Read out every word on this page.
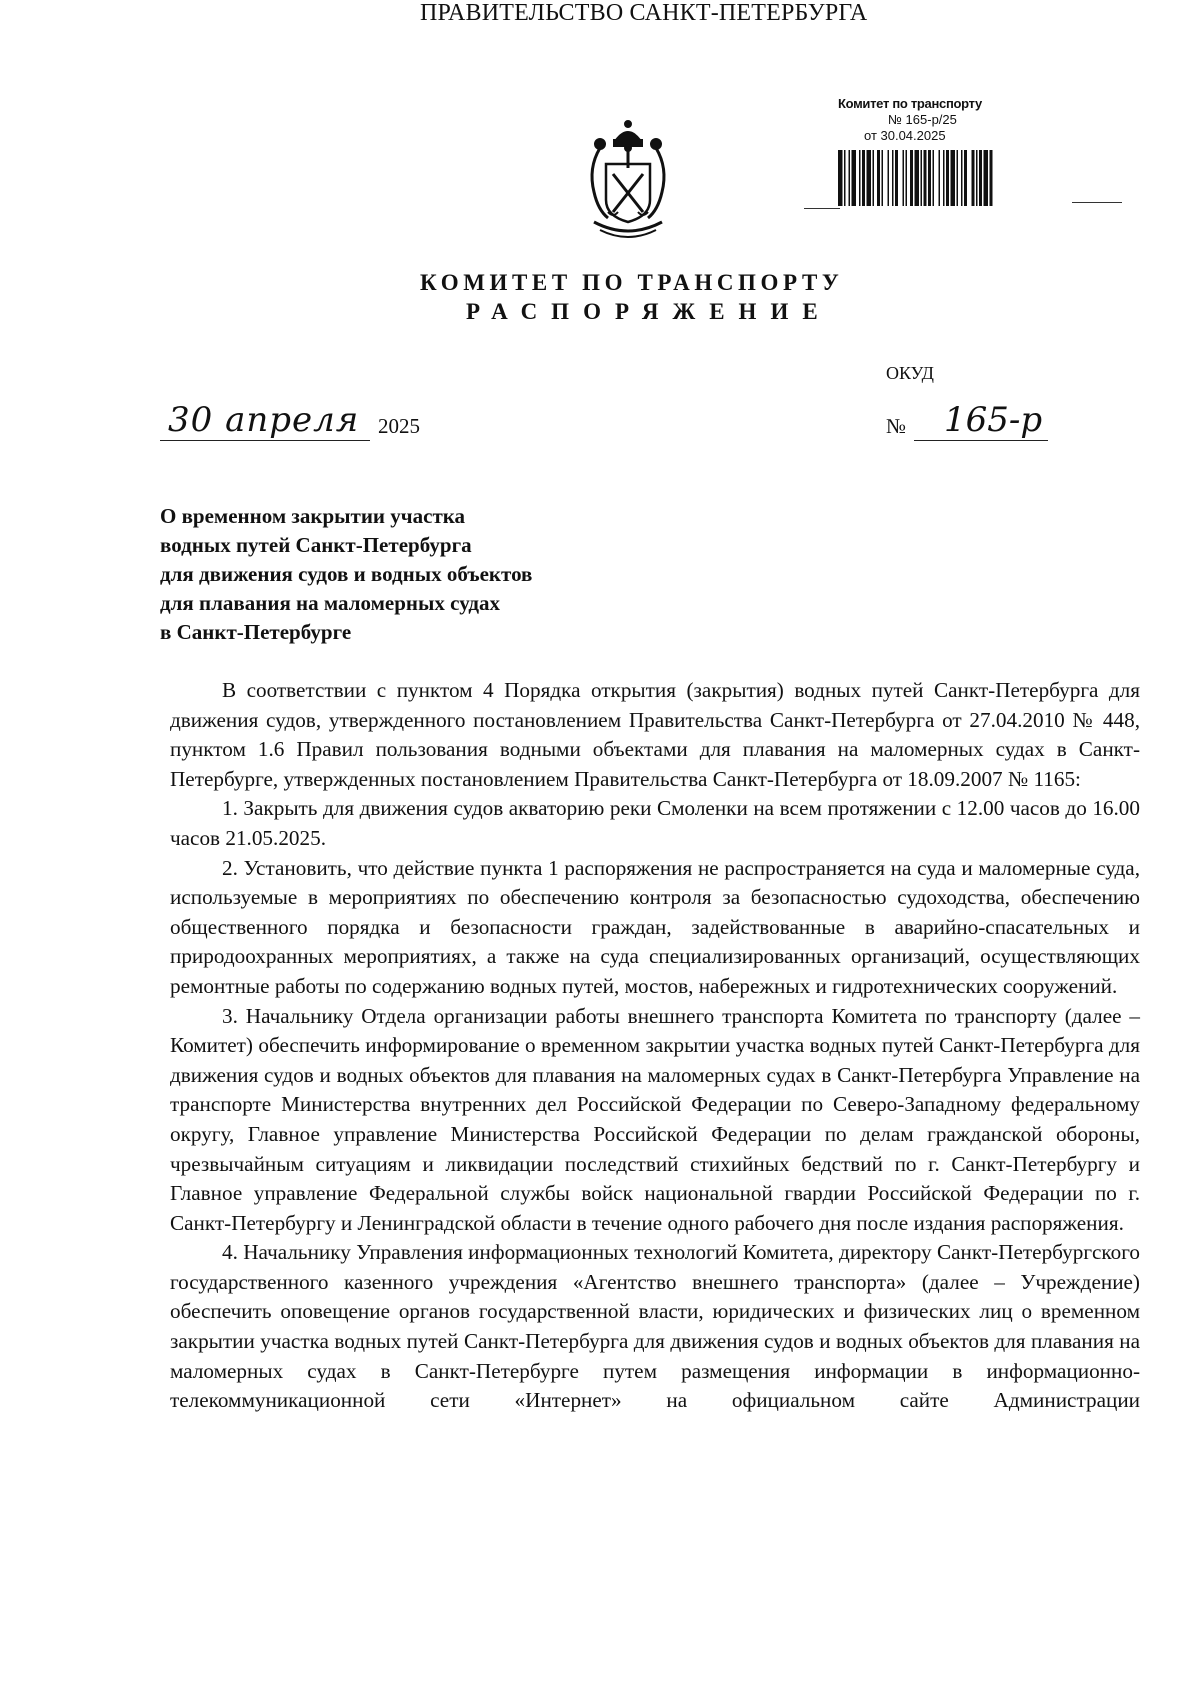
Комитет по транспорту
№ 165-р/25
от 30.04.2025
ПРАВИТЕЛЬСТВО САНКТ-ПЕТЕРБУРГА
КОМИТЕТ ПО ТРАНСПОРТУ
РАСПОРЯЖЕНИЕ
ОКУД
30 апреля 2025	№ 165-р
О временном закрытии участка
водных путей Санкт-Петербурга
для движения судов и водных объектов
для плавания на маломерных судах
в Санкт-Петербурге

В соответствии с пунктом 4 Порядка открытия (закрытия) водных путей Санкт-Петербурга для движения судов, утвержденного постановлением Правительства Санкт-Петербурга от 27.04.2010 № 448, пунктом 1.6 Правил пользования водными объектами для плавания на маломерных судах в Санкт-Петербурге, утвержденных постановлением Правительства Санкт-Петербурга от 18.09.2007 № 1165:

1. Закрыть для движения судов акваторию реки Смоленки на всем протяжении с 12.00 часов до 16.00 часов 21.05.2025.

2. Установить, что действие пункта 1 распоряжения не распространяется на суда и маломерные суда, используемые в мероприятиях по обеспечению контроля за безопасностью судоходства, обеспечению общественного порядка и безопасности граждан, задействованные в аварийно-спасательных и природоохранных мероприятиях, а также на суда специализированных организаций, осуществляющих ремонтные работы по содержанию водных путей, мостов, набережных и гидротехнических сооружений.

3. Начальнику Отдела организации работы внешнего транспорта Комитета по транспорту (далее – Комитет) обеспечить информирование о временном закрытии участка водных путей Санкт-Петербурга для движения судов и водных объектов для плавания на маломерных судах в Санкт-Петербурга Управление на транспорте Министерства внутренних дел Российской Федерации по Северо-Западному федеральному округу, Главное управление Министерства Российской Федерации по делам гражданской обороны, чрезвычайным ситуациям и ликвидации последствий стихийных бедствий по г. Санкт-Петербургу и Главное управление Федеральной службы войск национальной гвардии Российской Федерации по г. Санкт-Петербургу и Ленинградской области в течение одного рабочего дня после издания распоряжения.

4. Начальнику Управления информационных технологий Комитета, директору Санкт-Петербургского государственного казенного учреждения «Агентство внешнего транспорта» (далее – Учреждение) обеспечить оповещение органов государственной власти, юридических и физических лиц о временном закрытии участка водных путей Санкт-Петербурга для движения судов и водных объектов для плавания на маломерных судах в Санкт-Петербурге путем размещения информации в информационно-телекоммуникационной сети «Интернет» на официальном сайте Администрации
